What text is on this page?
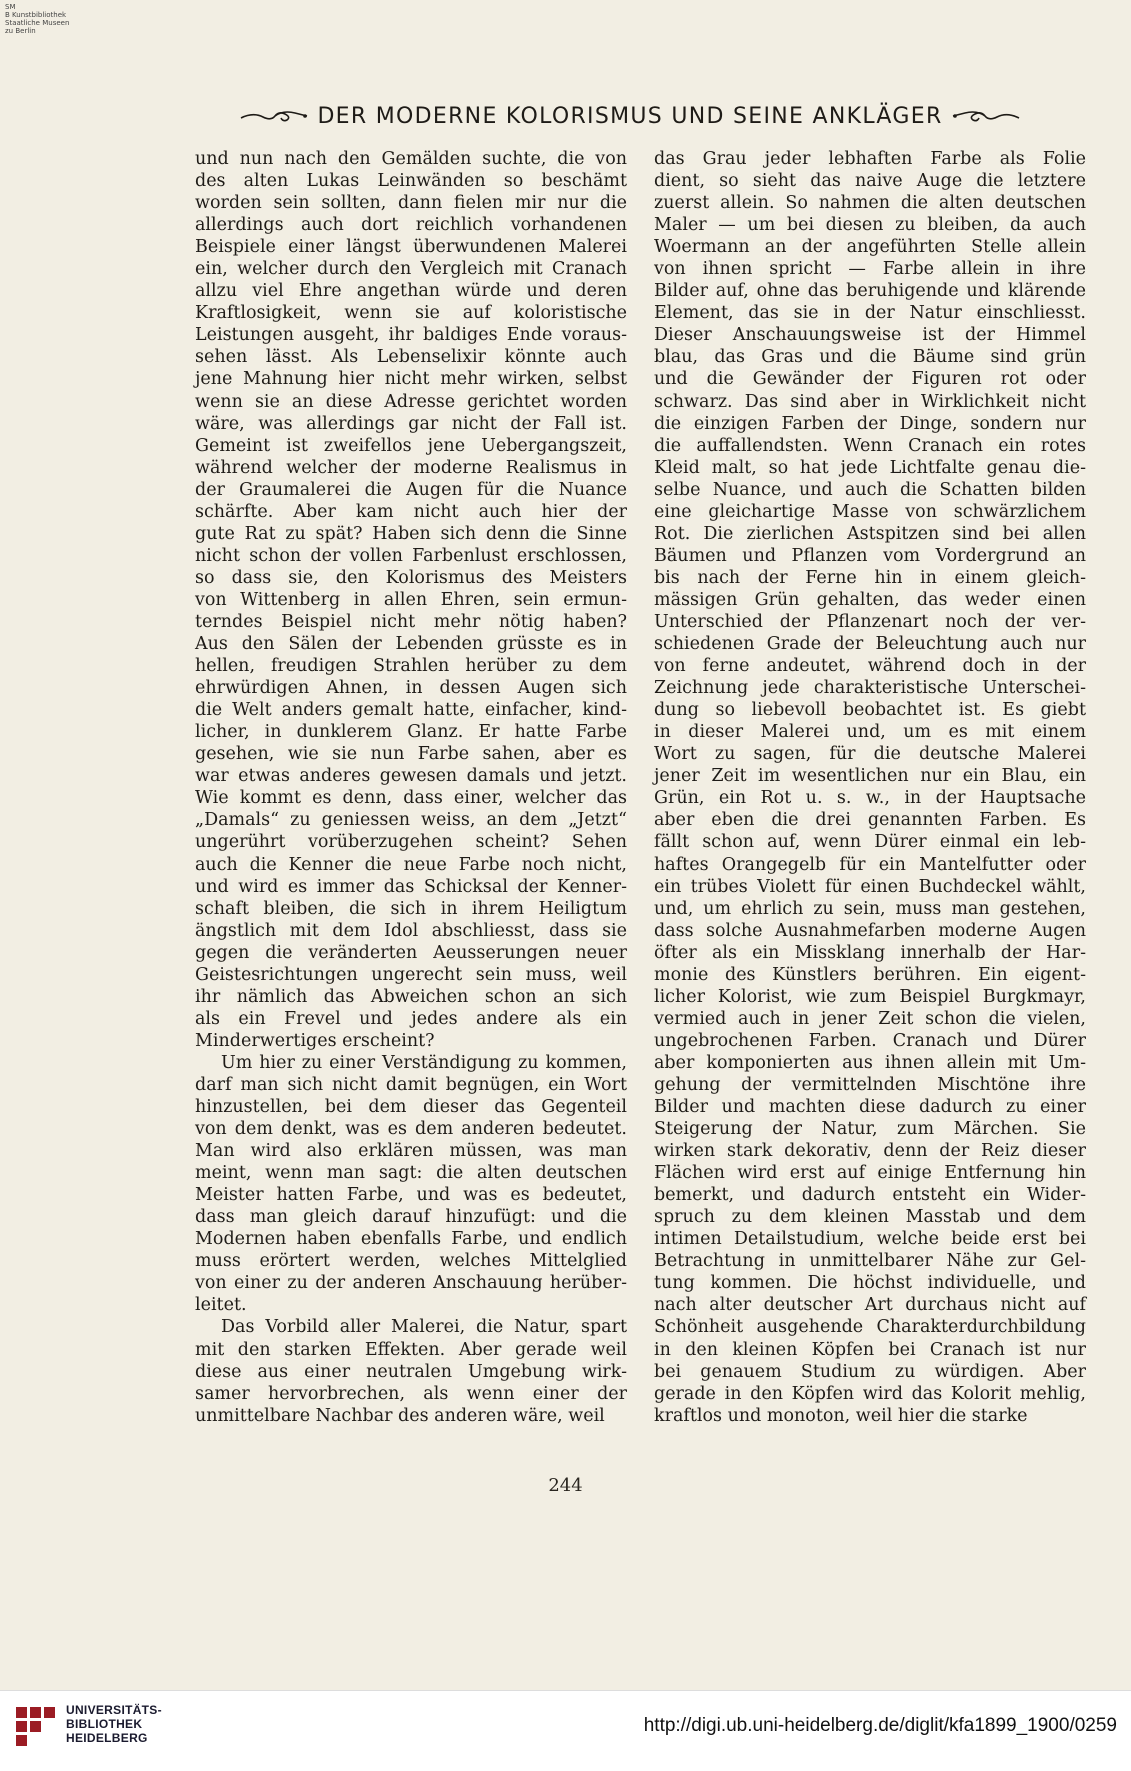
SM
B Kunstbibliothek
Staatliche Museen
zu Berlin
DER MODERNE KOLORISMUS UND SEINE ANKLÄGER
und nun nach den Gemälden suchte, die von
des alten Lukas Leinwänden so beschämt
worden sein sollten, dann fielen mir nur die
allerdings auch dort reichlich vorhandenen
Beispiele einer längst überwundenen Malerei
ein, welcher durch den Vergleich mit Cranach
allzu viel Ehre angethan würde und deren
Kraftlosigkeit, wenn sie auf koloristische
Leistungen ausgeht, ihr baldiges Ende voraus-
sehen lässt. Als Lebenselixir könnte auch
jene Mahnung hier nicht mehr wirken, selbst
wenn sie an diese Adresse gerichtet worden
wäre, was allerdings gar nicht der Fall ist.
Gemeint ist zweifellos jene Uebergangszeit,
während welcher der moderne Realismus in
der Graumalerei die Augen für die Nuance
schärfte. Aber kam nicht auch hier der
gute Rat zu spät? Haben sich denn die Sinne
nicht schon der vollen Farbenlust erschlossen,
so dass sie, den Kolorismus des Meisters
von Wittenberg in allen Ehren, sein ermun-
terndes Beispiel nicht mehr nötig haben?
Aus den Sälen der Lebenden grüsste es in
hellen, freudigen Strahlen herüber zu dem
ehrwürdigen Ahnen, in dessen Augen sich
die Welt anders gemalt hatte, einfacher, kind-
licher, in dunklerem Glanz. Er hatte Farbe
gesehen, wie sie nun Farbe sahen, aber es
war etwas anderes gewesen damals und jetzt.
Wie kommt es denn, dass einer, welcher das
„Damals“ zu geniessen weiss, an dem „Jetzt“
ungerührt vorüberzugehen scheint? Sehen
auch die Kenner die neue Farbe noch nicht,
und wird es immer das Schicksal der Kenner-
schaft bleiben, die sich in ihrem Heiligtum
ängstlich mit dem Idol abschliesst, dass sie
gegen die veränderten Aeusserungen neuer
Geistesrichtungen ungerecht sein muss, weil
ihr nämlich das Abweichen schon an sich
als ein Frevel und jedes andere als ein
Minderwertiges erscheint?
Um hier zu einer Verständigung zu kommen,
darf man sich nicht damit begnügen, ein Wort
hinzustellen, bei dem dieser das Gegenteil
von dem denkt, was es dem anderen bedeutet.
Man wird also erklären müssen, was man
meint, wenn man sagt: die alten deutschen
Meister hatten Farbe, und was es bedeutet,
dass man gleich darauf hinzufügt: und die
Modernen haben ebenfalls Farbe, und endlich
muss erörtert werden, welches Mittelglied
von einer zu der anderen Anschauung herüber-
leitet.
Das Vorbild aller Malerei, die Natur, spart
mit den starken Effekten. Aber gerade weil
diese aus einer neutralen Umgebung wirk-
samer hervorbrechen, als wenn einer der
unmittelbare Nachbar des anderen wäre, weil
das Grau jeder lebhaften Farbe als Folie
dient, so sieht das naive Auge die letztere
zuerst allein. So nahmen die alten deutschen
Maler — um bei diesen zu bleiben, da auch
Woermann an der angeführten Stelle allein
von ihnen spricht — Farbe allein in ihre
Bilder auf, ohne das beruhigende und klärende
Element, das sie in der Natur einschliesst.
Dieser Anschauungsweise ist der Himmel
blau, das Gras und die Bäume sind grün
und die Gewänder der Figuren rot oder
schwarz. Das sind aber in Wirklichkeit nicht
die einzigen Farben der Dinge, sondern nur
die auffallendsten. Wenn Cranach ein rotes
Kleid malt, so hat jede Lichtfalte genau die-
selbe Nuance, und auch die Schatten bilden
eine gleichartige Masse von schwärzlichem
Rot. Die zierlichen Astspitzen sind bei allen
Bäumen und Pflanzen vom Vordergrund an
bis nach der Ferne hin in einem gleich-
mässigen Grün gehalten, das weder einen
Unterschied der Pflanzenart noch der ver-
schiedenen Grade der Beleuchtung auch nur
von ferne andeutet, während doch in der
Zeichnung jede charakteristische Unterschei-
dung so liebevoll beobachtet ist. Es giebt
in dieser Malerei und, um es mit einem
Wort zu sagen, für die deutsche Malerei
jener Zeit im wesentlichen nur ein Blau, ein
Grün, ein Rot u. s. w., in der Hauptsache
aber eben die drei genannten Farben. Es
fällt schon auf, wenn Dürer einmal ein leb-
haftes Orangegelb für ein Mantelfutter oder
ein trübes Violett für einen Buchdeckel wählt,
und, um ehrlich zu sein, muss man gestehen,
dass solche Ausnahmefarben moderne Augen
öfter als ein Missklang innerhalb der Har-
monie des Künstlers berühren. Ein eigent-
licher Kolorist, wie zum Beispiel Burgkmayr,
vermied auch in jener Zeit schon die vielen,
ungebrochenen Farben. Cranach und Dürer
aber komponierten aus ihnen allein mit Um-
gehung der vermittelnden Mischtöne ihre
Bilder und machten diese dadurch zu einer
Steigerung der Natur, zum Märchen. Sie
wirken stark dekorativ, denn der Reiz dieser
Flächen wird erst auf einige Entfernung hin
bemerkt, und dadurch entsteht ein Wider-
spruch zu dem kleinen Masstab und dem
intimen Detailstudium, welche beide erst bei
Betrachtung in unmittelbarer Nähe zur Gel-
tung kommen. Die höchst individuelle, und
nach alter deutscher Art durchaus nicht auf
Schönheit ausgehende Charakterdurchbildung
in den kleinen Köpfen bei Cranach ist nur
bei genauem Studium zu würdigen. Aber
gerade in den Köpfen wird das Kolorit mehlig,
kraftlos und monoton, weil hier die starke
244
UNIVERSITÄTS-
BIBLIOTHEK
HEIDELBERG
http://digi.ub.uni-heidelberg.de/diglit/kfa1899_1900/0259
